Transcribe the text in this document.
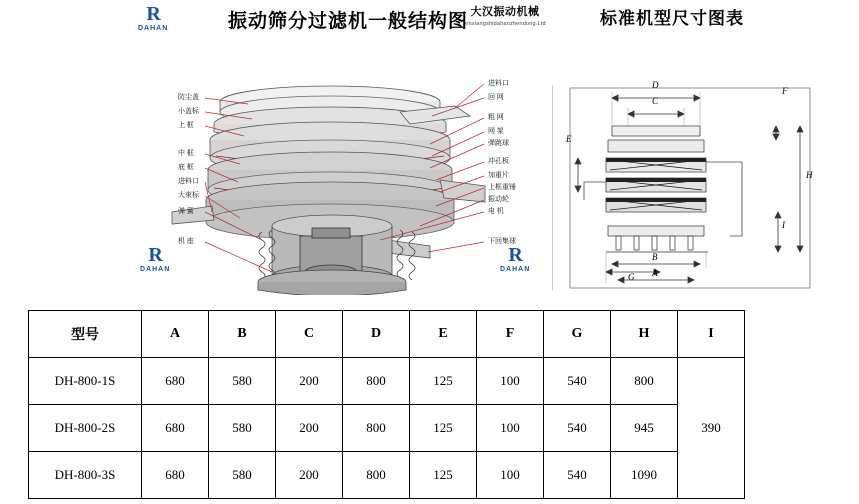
R
DAHAN	振动筛分过滤机一般结构图 大汉振动机械
xinxiangshidahanzhendong.Ltd	标准机型尺寸图表
防尘盖
小盖标
上 框
中 框
底 框
进料口
大束标
弹 簧
机 座
进料口
回 网
粗 网
网 架
弹跳球
冲孔板
加重片
上框重锤
振动轮
电 机
下回集球
R
DAHAN
R
DAHAN
D
C
F
E
H
B
I
G A
型号	A	B	C	D	E	F	G	H	I
DH-800-1S	680	580	200	800	125	100	540	800	390
DH-800-2S	680	580	200	800	125	100	540	945	
DH-800-3S	680	580	200	800	125	100	540	1090	
